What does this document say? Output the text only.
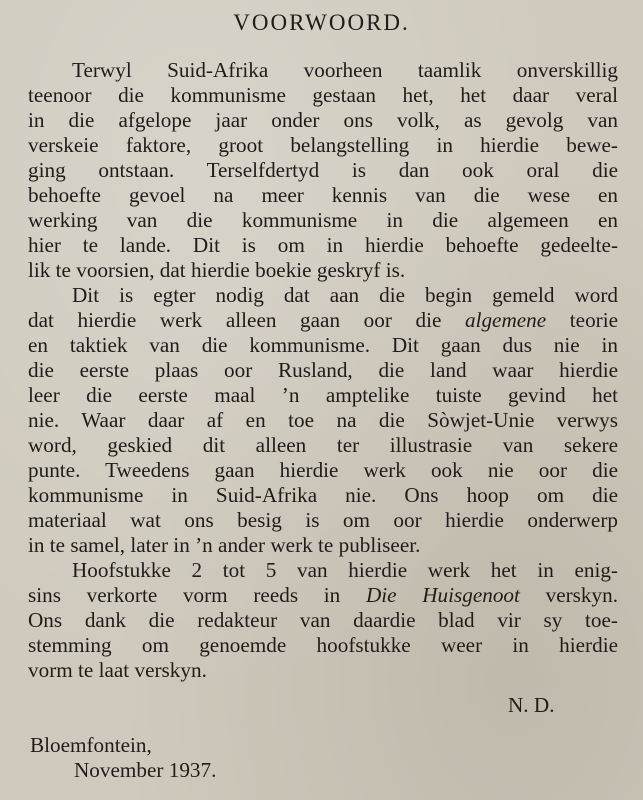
VOORWOORD.
Terwyl Suid-Afrika voorheen taamlik onverskillig
teenoor die kommunisme gestaan het, het daar veral
in die afgelope jaar onder ons volk, as gevolg van
verskeie faktore, groot belangstelling in hierdie bewe-
ging ontstaan. Terselfdertyd is dan ook oral die
behoefte gevoel na meer kennis van die wese en
werking van die kommunisme in die algemeen en
hier te lande. Dit is om in hierdie behoefte gedeelte-
lik te voorsien, dat hierdie boekie geskryf is.
Dit is egter nodig dat aan die begin gemeld word
dat hierdie werk alleen gaan oor die algemene teorie
en taktiek van die kommunisme. Dit gaan dus nie in
die eerste plaas oor Rusland, die land waar hierdie
leer die eerste maal ’n amptelike tuiste gevind het
nie. Waar daar af en toe na die Sòwjet-Unie verwys
word, geskied dit alleen ter illustrasie van sekere
punte. Tweedens gaan hierdie werk ook nie oor die
kommunisme in Suid-Afrika nie. Ons hoop om die
materiaal wat ons besig is om oor hierdie onderwerp
in te samel, later in ’n ander werk te publiseer.
Hoofstukke 2 tot 5 van hierdie werk het in enig-
sins verkorte vorm reeds in Die Huisgenoot verskyn.
Ons dank die redakteur van daardie blad vir sy toe-
stemming om genoemde hoofstukke weer in hierdie
vorm te laat verskyn.
N. D.
Bloemfontein,
November 1937.
